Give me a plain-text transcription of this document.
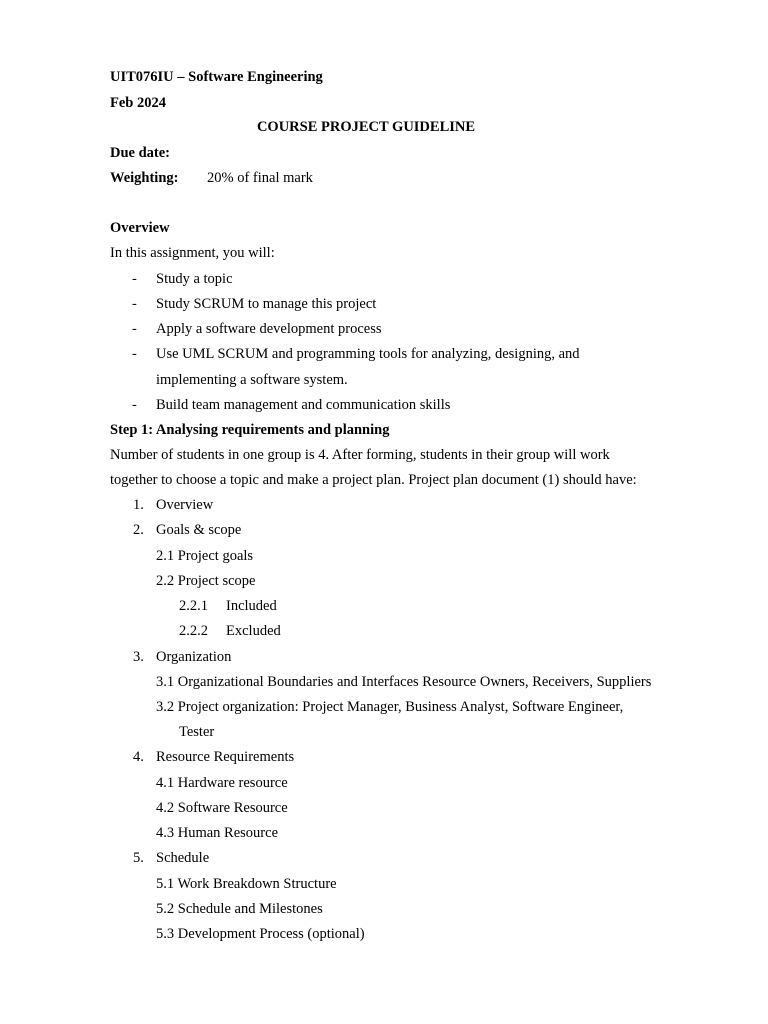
UIT076IU – Software Engineering
Feb 2024
COURSE PROJECT GUIDELINE
Due date:
Weighting: 20% of final mark
Overview
In this assignment, you will:
- Study a topic
- Study SCRUM to manage this project
- Apply a software development process
- Use UML SCRUM and programming tools for analyzing, designing, and
implementing a software system.
- Build team management and communication skills
Step 1: Analysing requirements and planning
Number of students in one group is 4. After forming, students in their group will work
together to choose a topic and make a project plan. Project plan document (1) should have:
1. Overview
2. Goals & scope
2.1 Project goals
2.2 Project scope
2.2.1 Included
2.2.2 Excluded
3. Organization
3.1 Organizational Boundaries and Interfaces Resource Owners, Receivers, Suppliers
3.2 Project organization: Project Manager, Business Analyst, Software Engineer,
Tester
4. Resource Requirements
4.1 Hardware resource
4.2 Software Resource
4.3 Human Resource
5. Schedule
5.1 Work Breakdown Structure
5.2 Schedule and Milestones
5.3 Development Process (optional)
